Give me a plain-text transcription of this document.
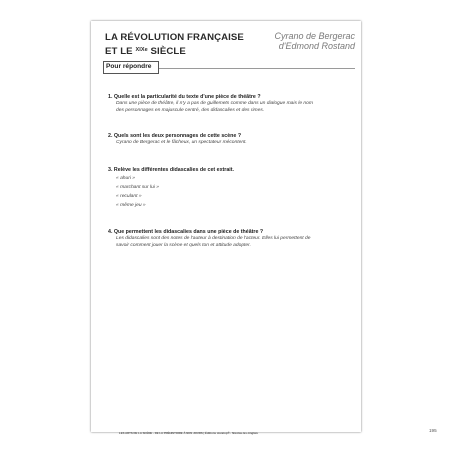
LA RÉVOLUTION FRANÇAISE
ET LE $^{XIXe}$ SIÈCLE
Cyrano de Bergerac
d'Edmond Rostand
Pour répondre
1. Quelle est la particularité du texte d'une pièce de théâtre ?
Dans une pièce de théâtre, il n'y a pas de guillemets comme dans un dialogue mais le nom
des personnages en majuscule centré, des didascalies et des rimes.
2. Quels sont les deux personnages de cette scène ?
Cyrano de Bergerac et le fâcheux, un spectateur mécontent.
3. Relève les différentes didascalies de cet extrait.
« ahuri »
« marchant sur lui »
« reculant »
« même jeu »
4. Que permettent les didascalies dans une pièce de théâtre ?
Les didascalies sont des notes de l'auteur à destination de l'acteur. Elles lui permettent de
savoir comment jouer la scène et quels ton et attitude adopter.
LES ARTS DE LA SCÈNE · DE LA PRÉHISTOIRE À NOS JOURS | Éditions Jocatop® · Nicolas-les-Anglais	195
